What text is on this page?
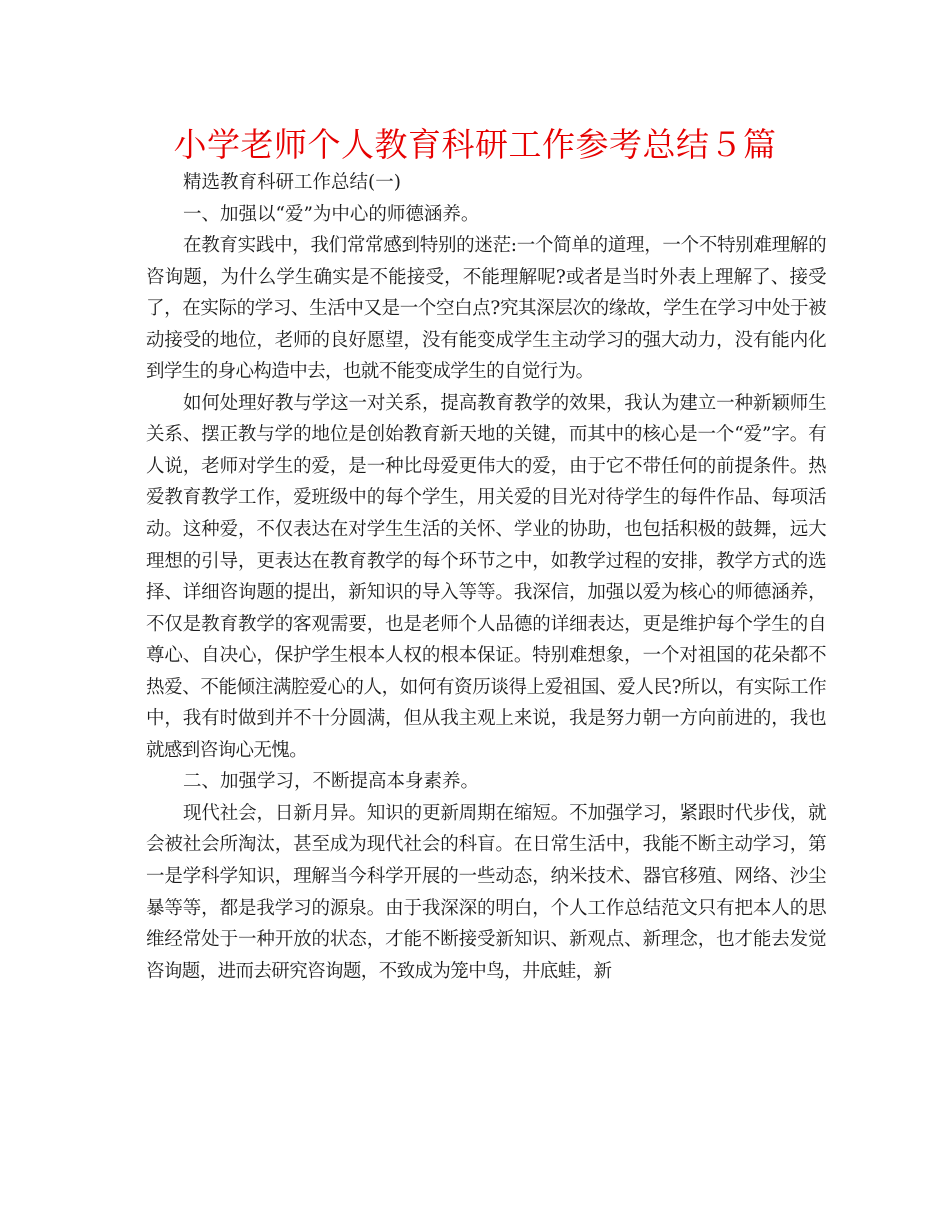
小学老师个人教育科研工作参考总结５篇

精选教育科研工作总结(一)

一、加强以“爱”为中心的师德涵养。

在教育实践中，我们常常感到特别的迷茫:一个简单的道理，一个不特别难理解的咨询题，为什么学生确实是不能接受，不能理解呢?或者是当时外表上理解了、接受了，在实际的学习、生活中又是一个空白点?究其深层次的缘故，学生在学习中处于被动接受的地位，老师的良好愿望，没有能变成学生主动学习的强大动力，没有能内化到学生的身心构造中去，也就不能变成学生的自觉行为。

如何处理好教与学这一对关系，提高教育教学的效果，我认为建立一种新颖师生关系、摆正教与学的地位是创始教育新天地的关键，而其中的核心是一个“爱”字。有人说，老师对学生的爱，是一种比母爱更伟大的爱，由于它不带任何的前提条件。热爱教育教学工作，爱班级中的每个学生，用关爱的目光对待学生的每件作品、每项活动。这种爱，不仅表达在对学生生活的关怀、学业的协助，也包括积极的鼓舞，远大理想的引导，更表达在教育教学的每个环节之中，如教学过程的安排，教学方式的选择、详细咨询题的提出，新知识的导入等等。我深信，加强以爱为核心的师德涵养，不仅是教育教学的客观需要，也是老师个人品德的详细表达，更是维护每个学生的自尊心、自决心，保护学生根本人权的根本保证。特别难想象，一个对祖国的花朵都不热爱、不能倾注满腔爱心的人，如何有资历谈得上爱祖国、爱人民?所以，有实际工作中，我有时做到并不十分圆满，但从我主观上来说，我是努力朝一方向前进的，我也就感到咨询心无愧。

二、加强学习，不断提高本身素养。

现代社会，日新月异。知识的更新周期在缩短。不加强学习，紧跟时代步伐，就会被社会所淘汰，甚至成为现代社会的科盲。在日常生活中，我能不断主动学习，第一是学科学知识，理解当今科学开展的一些动态，纳米技术、器官移殖、网络、沙尘暴等等，都是我学习的源泉。由于我深深的明白，个人工作总结范文只有把本人的思维经常处于一种开放的状态，才能不断接受新知识、新观点、新理念，也才能去发觉咨询题，进而去研究咨询题，不致成为笼中鸟，井底蛙，新
